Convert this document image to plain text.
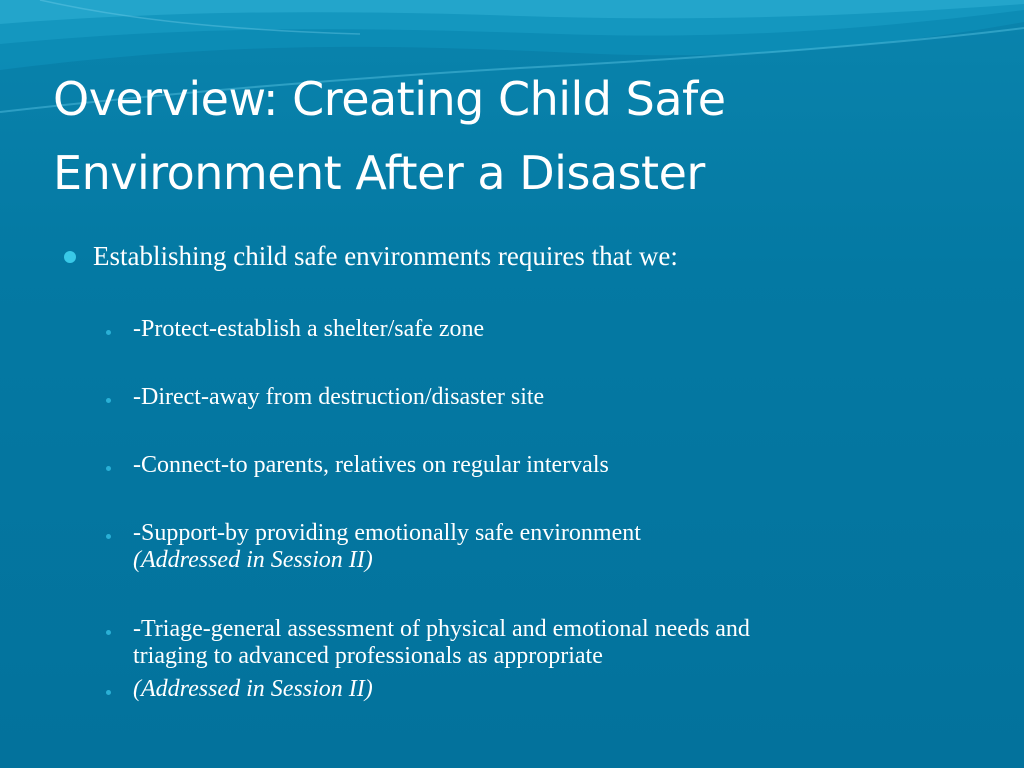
Overview: Creating Child Safe
Environment After a Disaster
Establishing child safe environments requires that we:
-Protect-establish a shelter/safe zone
-Direct-away from destruction/disaster site
-Connect-to parents, relatives on regular intervals
-Support-by providing emotionally safe environment
(Addressed in Session II)
-Triage-general assessment of physical and emotional needs and
triaging to advanced professionals as appropriate
(Addressed in Session II)
